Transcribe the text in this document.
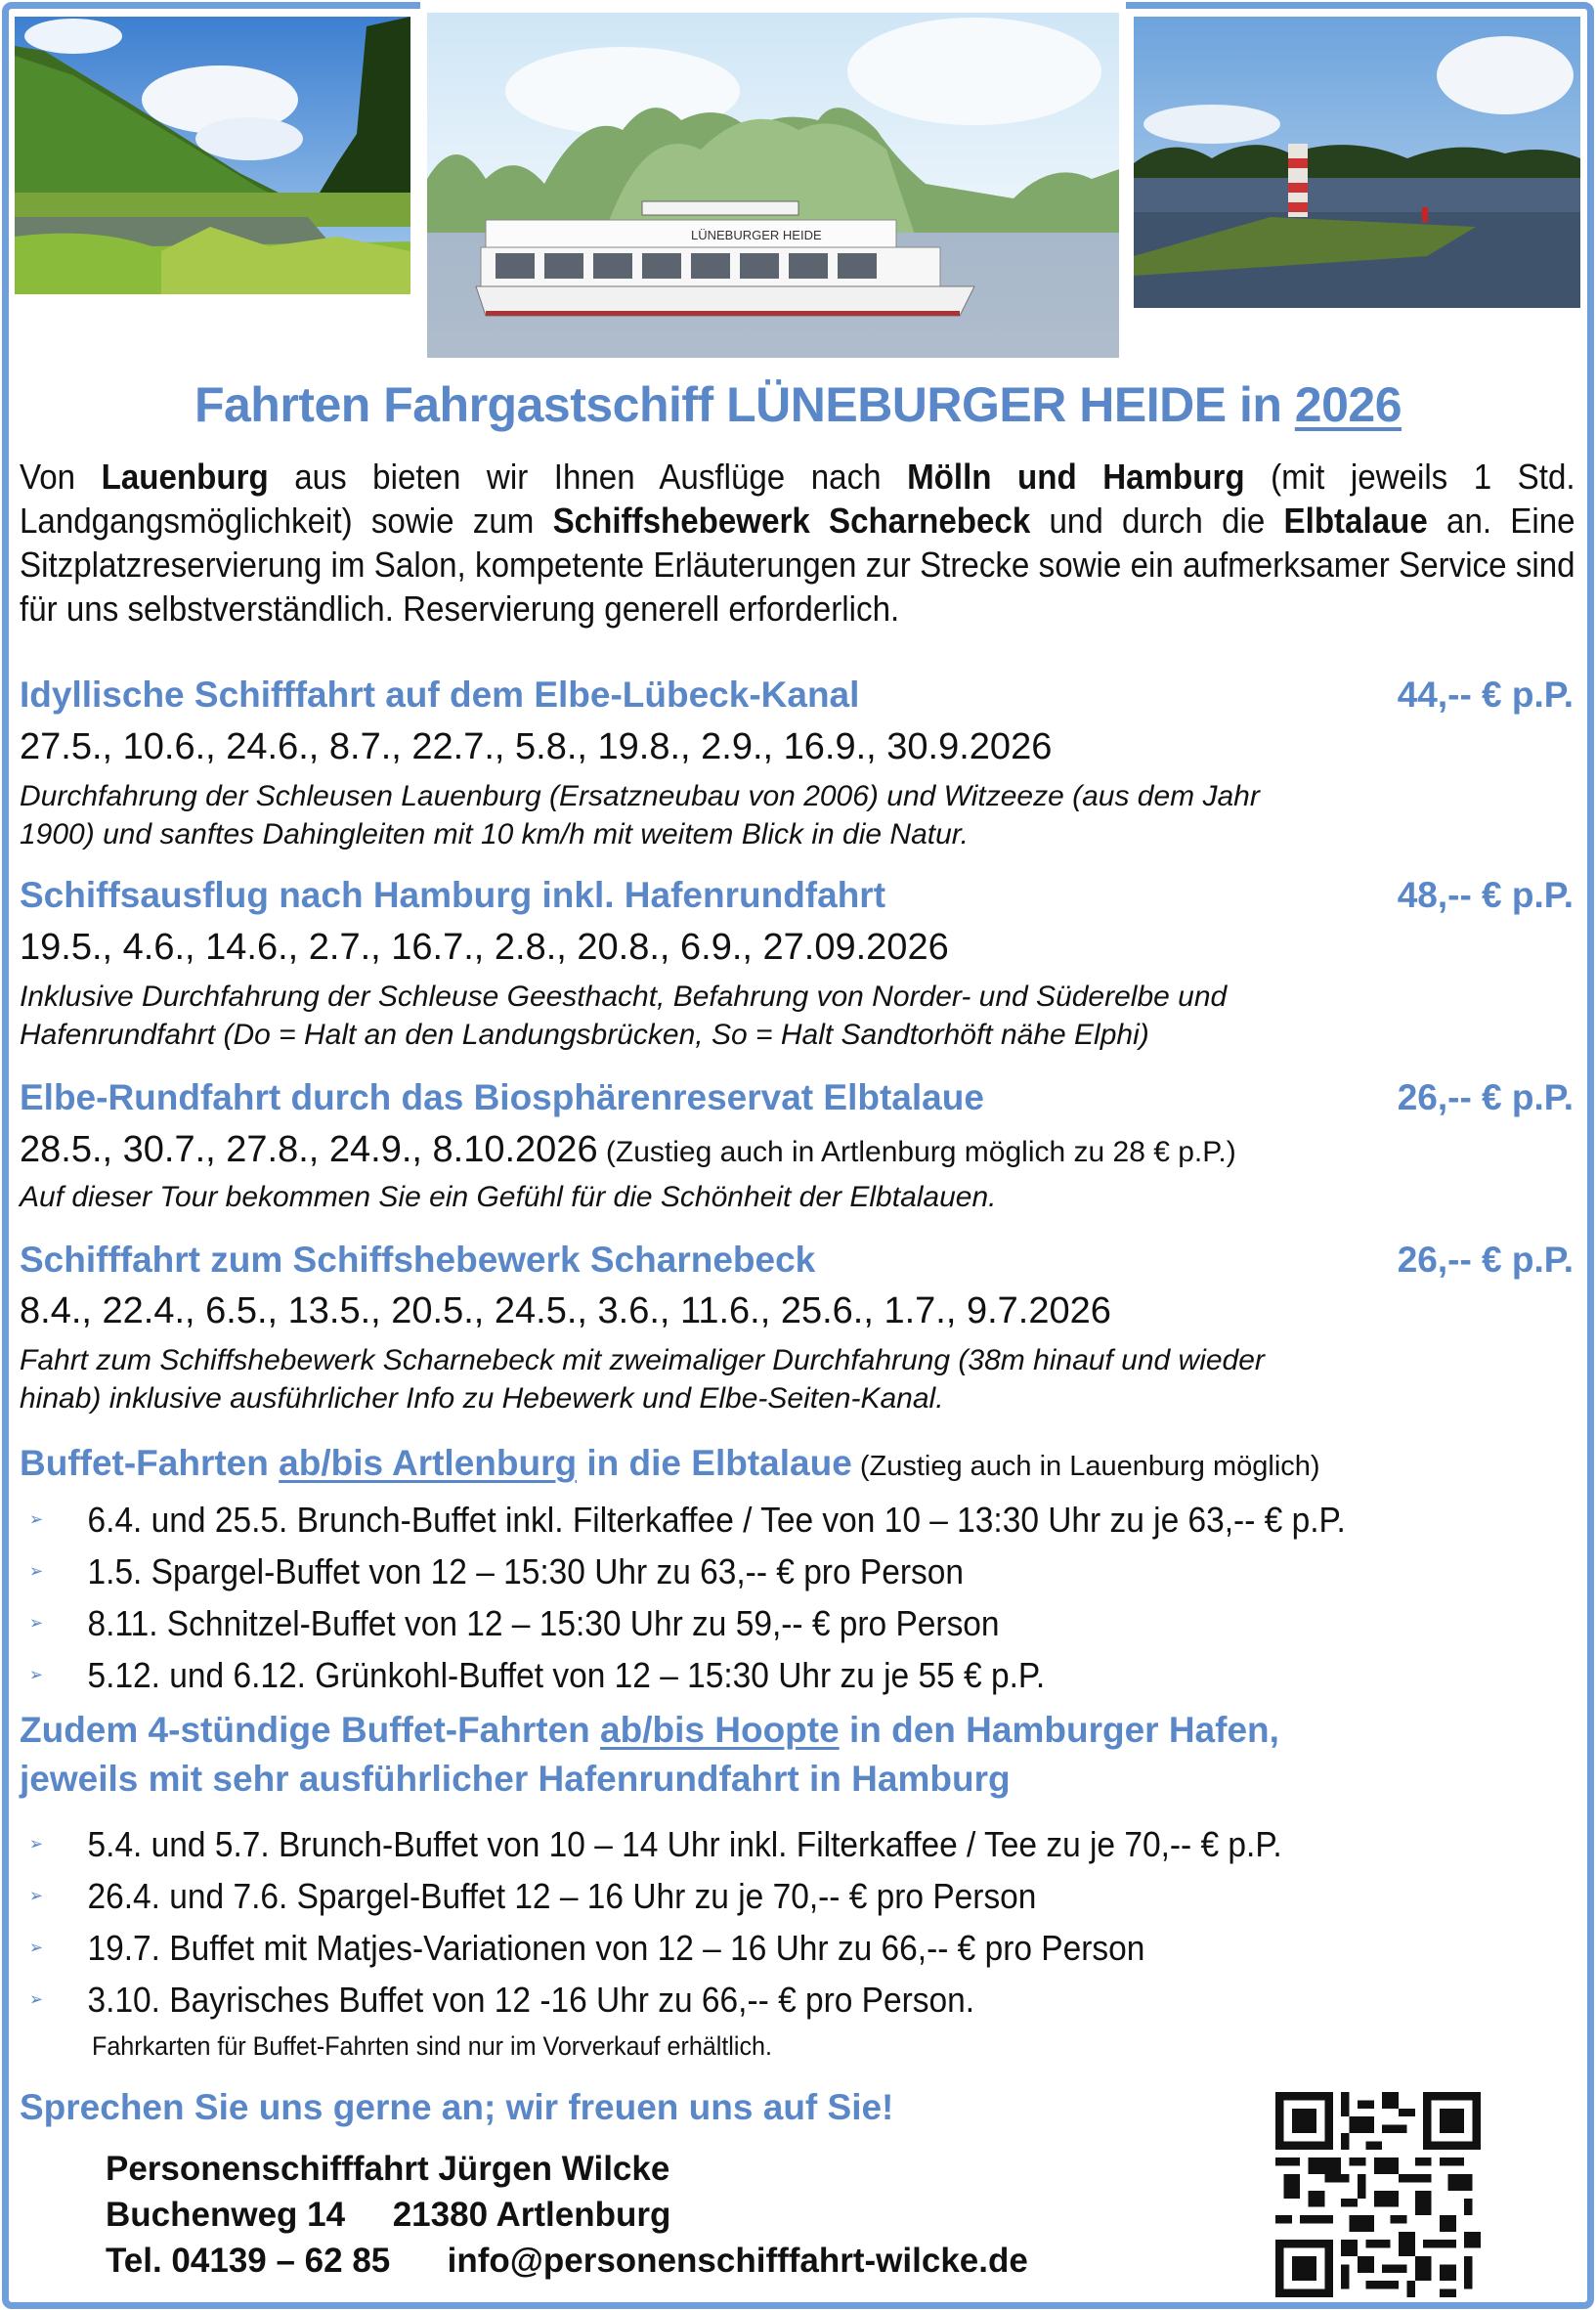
LÜNEBURGER HEIDE
Fahrten Fahrgastschiff LÜNEBURGER HEIDE in 2026
Von Lauenburg aus bieten wir Ihnen Ausflüge nach Mölln und Hamburg (mit jeweils 1 Std. Landgangsmöglichkeit) sowie zum Schiffshebewerk Scharnebeck und durch die Elbtalaue an. Eine Sitzplatzreservierung im Salon, kompetente Erläuterungen zur Strecke sowie ein aufmerksamer Service sind für uns selbstverständlich. Reservierung generell erforderlich.
Idyllische Schifffahrt auf dem Elbe-Lübeck-Kanal	44,-- € p.P.
27.5., 10.6., 24.6., 8.7., 22.7., 5.8., 19.8., 2.9., 16.9., 30.9.2026
Durchfahrung der Schleusen Lauenburg (Ersatzneubau von 2006) und Witzeeze (aus dem Jahr
1900) und sanftes Dahingleiten mit 10 km/h mit weitem Blick in die Natur.
Schiffsausflug nach Hamburg inkl. Hafenrundfahrt	48,-- € p.P.
19.5., 4.6., 14.6., 2.7., 16.7., 2.8., 20.8., 6.9., 27.09.2026
Inklusive Durchfahrung der Schleuse Geesthacht, Befahrung von Norder- und Süderelbe und
Hafenrundfahrt (Do = Halt an den Landungsbrücken, So = Halt Sandtorhöft nähe Elphi)
Elbe-Rundfahrt durch das Biosphärenreservat Elbtalaue	26,-- € p.P.
28.5., 30.7., 27.8., 24.9., 8.10.2026 (Zustieg auch in Artlenburg möglich zu 28 € p.P.)
Auf dieser Tour bekommen Sie ein Gefühl für die Schönheit der Elbtalauen.
Schifffahrt zum Schiffshebewerk Scharnebeck	26,-- € p.P.
8.4., 22.4., 6.5., 13.5., 20.5., 24.5., 3.6., 11.6., 25.6., 1.7., 9.7.2026
Fahrt zum Schiffshebewerk Scharnebeck mit zweimaliger Durchfahrung (38m hinauf und wieder
hinab) inklusive ausführlicher Info zu Hebewerk und Elbe-Seiten-Kanal.
Buffet-Fahrten ab/bis Artlenburg in die Elbtalaue (Zustieg auch in Lauenburg möglich)
➢ 6.4. und 25.5. Brunch-Buffet inkl. Filterkaffee / Tee von 10 – 13:30 Uhr zu je 63,-- € p.P.
➢ 1.5. Spargel-Buffet von 12 – 15:30 Uhr zu 63,-- € pro Person
➢ 8.11. Schnitzel-Buffet von 12 – 15:30 Uhr zu 59,-- € pro Person
➢ 5.12. und 6.12. Grünkohl-Buffet von 12 – 15:30 Uhr zu je 55 € p.P.
Zudem 4-stündige Buffet-Fahrten ab/bis Hoopte in den Hamburger Hafen,
jeweils mit sehr ausführlicher Hafenrundfahrt in Hamburg
➢ 5.4. und 5.7. Brunch-Buffet von 10 – 14 Uhr inkl. Filterkaffee / Tee zu je 70,-- € p.P.
➢ 26.4. und 7.6. Spargel-Buffet 12 – 16 Uhr zu je 70,-- € pro Person
➢ 19.7. Buffet mit Matjes-Variationen von 12 – 16 Uhr zu 66,-- € pro Person
➢ 3.10. Bayrisches Buffet von 12 -16 Uhr zu 66,-- € pro Person.
Fahrkarten für Buffet-Fahrten sind nur im Vorverkauf erhältlich.
Sprechen Sie uns gerne an; wir freuen uns auf Sie!
Personenschifffahrt Jürgen Wilcke
Buchenweg 14 21380 Artlenburg
Tel. 04139 – 62 85 info@personenschifffahrt-wilcke.de
